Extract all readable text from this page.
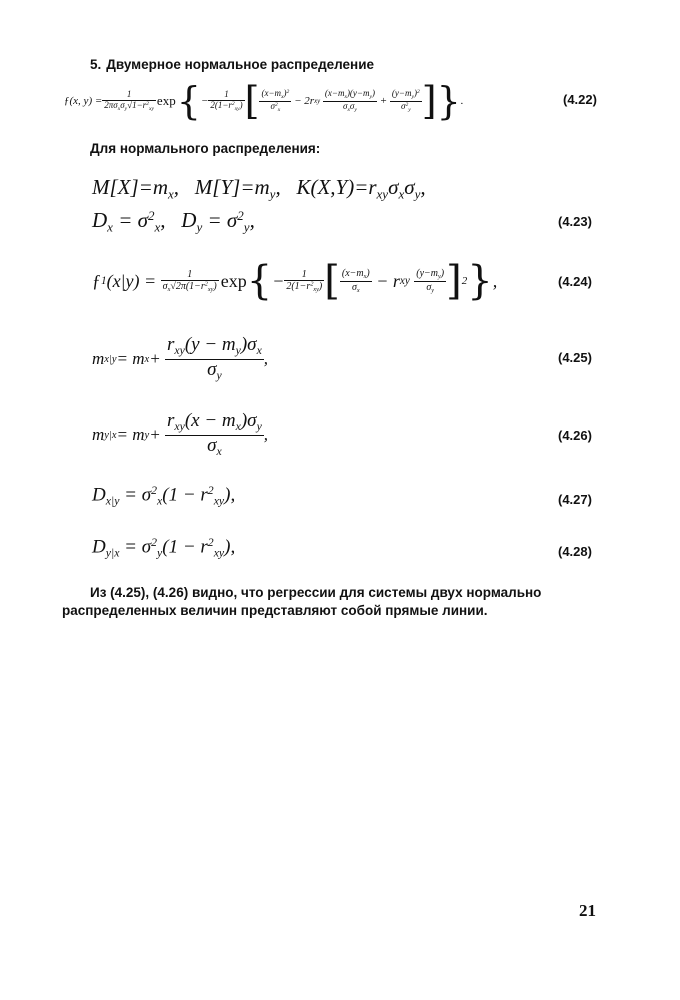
5. Двумерное нормальное распределение
ƒ ( x, y ) = $\frac{1}{2\pi\sigma_x\sigma_y√1-r^2_{xy}}$ exp { − $\frac{1}{2(1-r^2_{xy})}$ [ $\frac{(x-m_x)^2}{\sigma^2_x} - 2r$ xy
$\frac{(x-m_x)(y-m_y)}{\sigma_x\sigma_y} + \frac{(y-m_y)^2}{\sigma^2_y}$ ] } .	(4.22)
Для нормального распределения:
$M[X]=m_x$,   $M[Y]=m_y$,   $K(X,Y)=r_{xy}\sigma_x\sigma_y$,
$D_x = \sigma^2_x$,   $D_y = \sigma^2_y$,	(4.23)
ƒ 1 $(x|y) = \frac{1}{\sigma_x√2\pi(1-r^2_{xy})}$ exp { − $\frac{1}{2(1-r^2_{xy})}$ [ $\frac{(x-m_x)}{\sigma_x} - r$ xy
$\frac{(y-m_y)}{\sigma_y}$ ] 2 } ,	(4.24)
m x|y = m $x + \frac{r_{xy}(y - m_y)\sigma_x}{\sigma_y}$ ,	(4.25)
m y|x = m $y + \frac{r_{xy}(x - m_x)\sigma_y}{\sigma_x}$ ,	(4.26)
$D_{x|y} = \sigma^2_x(1 - r^2_{xy})$,	(4.27)
$D_{y|x} = \sigma^2_y(1 - r^2_{xy})$,	(4.28)
Из (4.25), (4.26) видно, что регрессии для системы двух нормально
распределенных величин представляют собой прямые линии.
21
